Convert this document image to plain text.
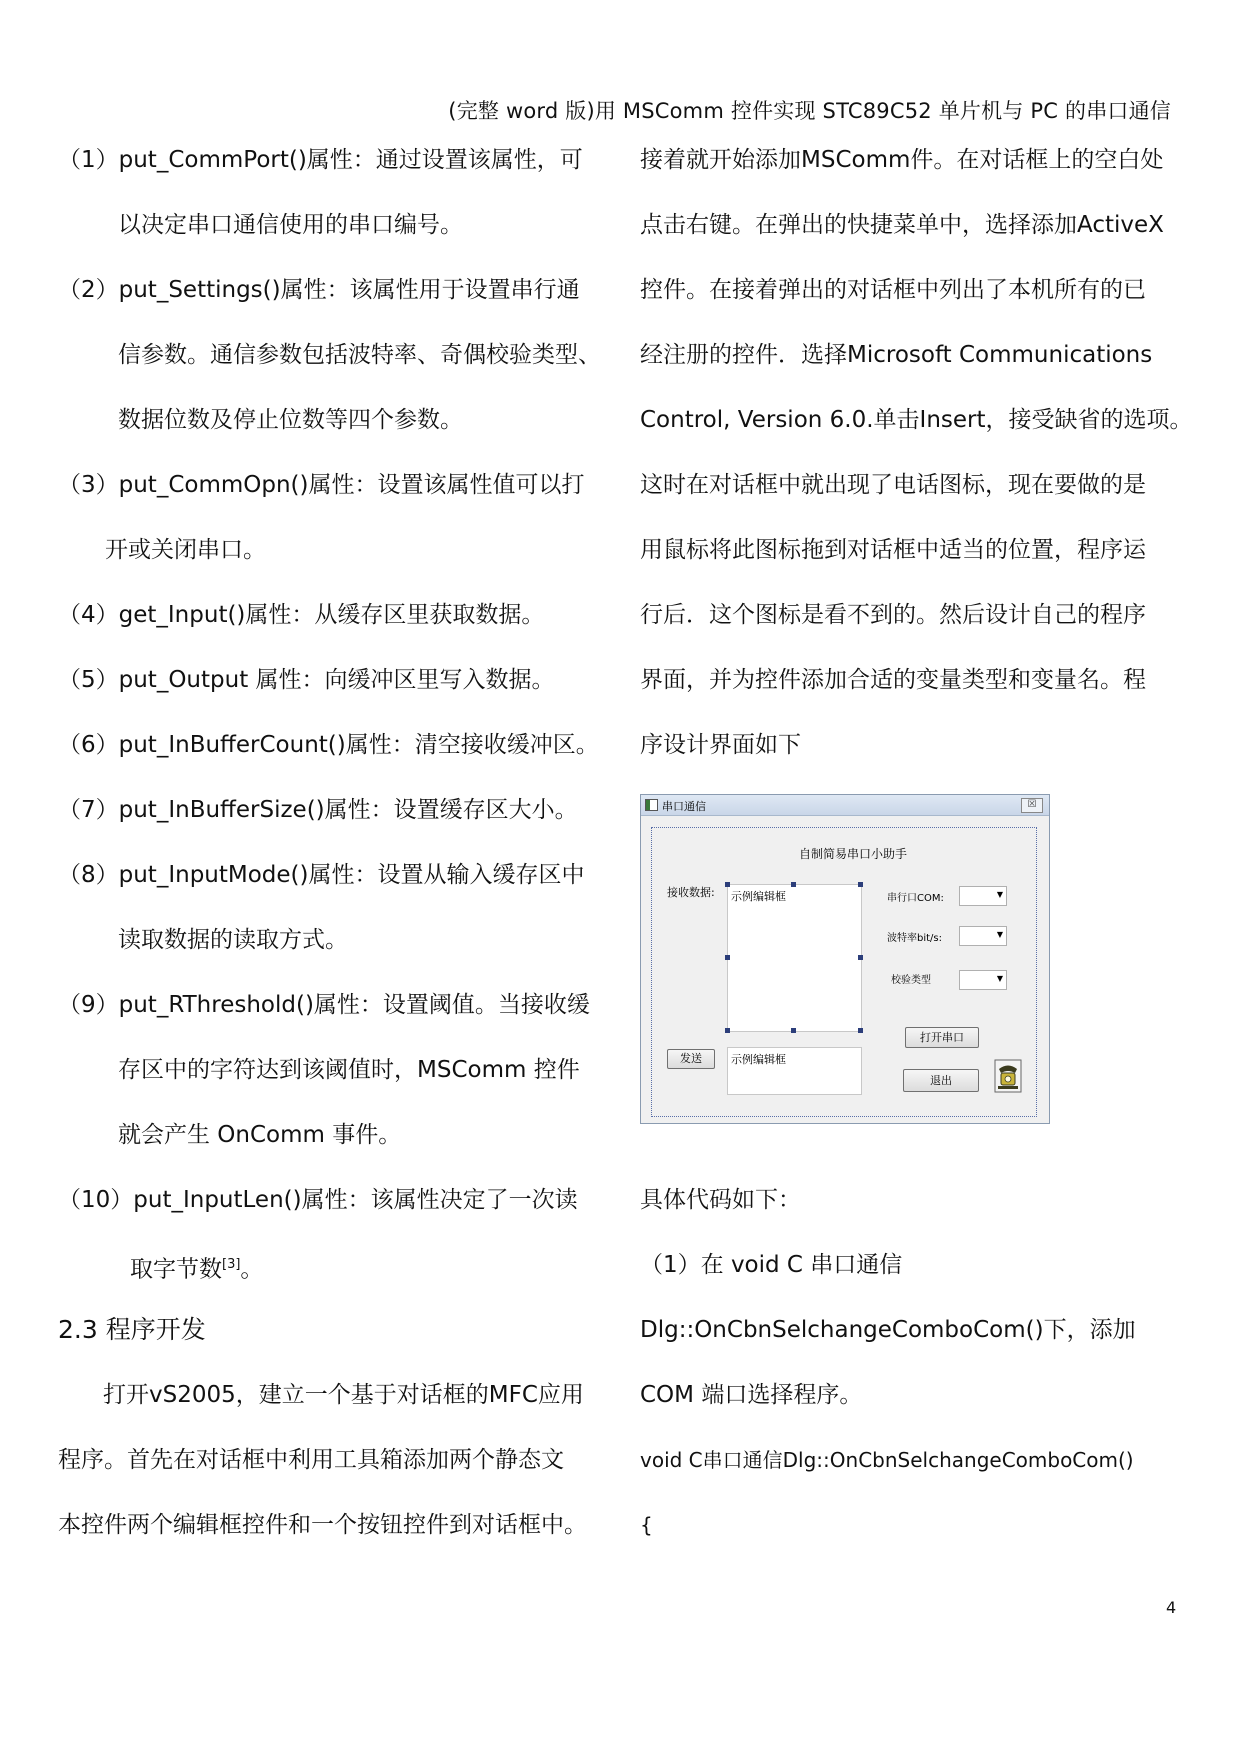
(完整 word 版)用 MSComm 控件实现 STC89C52 单片机与 PC 的串口通信
（1）put_CommPort()属性：通过设置该属性，可
以决定串口通信使用的串口编号。
（2）put_Settings()属性：该属性用于设置串行通
信参数。通信参数包括波特率、奇偶校验类型、
数据位数及停止位数等四个参数。
（3）put_CommOpn()属性：设置该属性值可以打
开或关闭串口。
（4）get_Input()属性：从缓存区里获取数据。
（5）put_Output 属性：向缓冲区里写入数据。
（6）put_InBufferCount()属性：清空接收缓冲区。
（7）put_InBufferSize()属性：设置缓存区大小。
（8）put_InputMode()属性：设置从输入缓存区中
读取数据的读取方式。
（9）put_RThreshold()属性：设置阈值。当接收缓
存区中的字符达到该阈值时，MSComm 控件
就会产生 OnComm 事件。
（10）put_InputLen()属性：该属性决定了一次读
取字节数[3]。
2.3 程序开发
打开vS2005，建立一个基于对话框的MFC应用
程序。首先在对话框中利用工具箱添加两个静态文
本控件两个编辑框控件和一个按钮控件到对话框中。
接着就开始添加MSComm件。在对话框上的空白处
点击右键。在弹出的快捷菜单中，选择添加ActiveX
控件。在接着弹出的对话框中列出了本机所有的已
经注册的控件．选择Microsoft Communications
Control, Version 6.0.单击Insert，接受缺省的选项。
这时在对话框中就出现了电话图标，现在要做的是
用鼠标将此图标拖到对话框中适当的位置，程序运
行后．这个图标是看不到的。然后设计自己的程序
界面，并为控件添加合适的变量类型和变量名。程
序设计界面如下
具体代码如下：
（1）在 void C 串口通信
Dlg::OnCbnSelchangeComboCom()下，添加
COM 端口选择程序。
void C串口通信Dlg::OnCbnSelchangeComboCom()
{
串口通信	☒
自制简易串口小助手
接收数据: 示例编辑框
发送	示例编辑框
串行口COM:	▼
波特率bit/s:	▼
校验类型	▼
打开串口
退出
4
